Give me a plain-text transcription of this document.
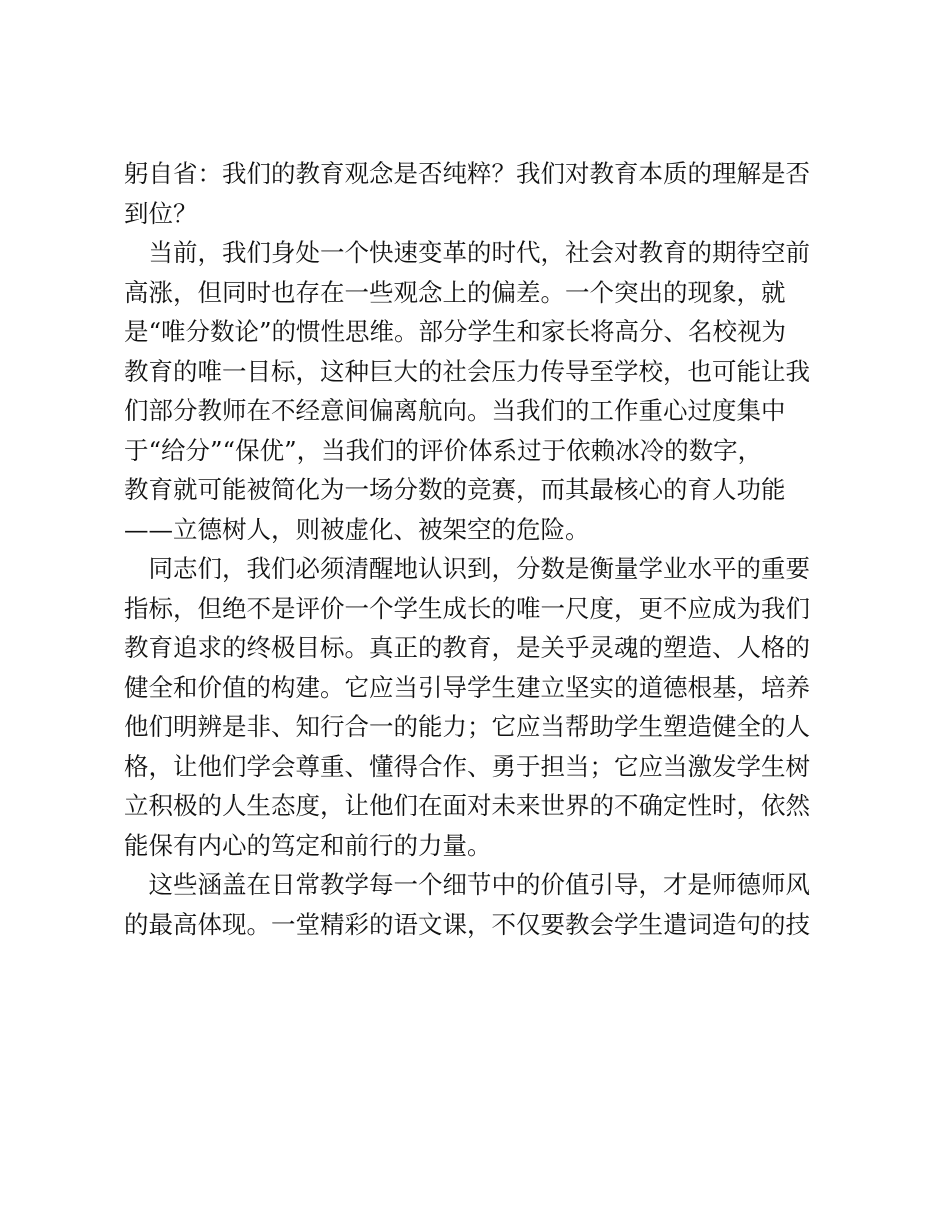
躬自省：我们的教育观念是否纯粹？我们对教育本质的理解是否
到位？
　当前，我们身处一个快速变革的时代，社会对教育的期待空前
高涨，但同时也存在一些观念上的偏差。一个突出的现象，就
是“唯分数论”的惯性思维。部分学生和家长将高分、名校视为
教育的唯一目标，这种巨大的社会压力传导至学校，也可能让我
们部分教师在不经意间偏离航向。当我们的工作重心过度集中
于“给分”“保优”，当我们的评价体系过于依赖冰冷的数字，
教育就可能被简化为一场分数的竞赛，而其最核心的育人功能
——立德树人，则被虚化、被架空的危险。
　同志们，我们必须清醒地认识到，分数是衡量学业水平的重要
指标，但绝不是评价一个学生成长的唯一尺度，更不应成为我们
教育追求的终极目标。真正的教育，是关乎灵魂的塑造、人格的
健全和价值的构建。它应当引导学生建立坚实的道德根基，培养
他们明辨是非、知行合一的能力；它应当帮助学生塑造健全的人
格，让他们学会尊重、懂得合作、勇于担当；它应当激发学生树
立积极的人生态度，让他们在面对未来世界的不确定性时，依然
能保有内心的笃定和前行的力量。
　这些涵盖在日常教学每一个细节中的价值引导，才是师德师风
的最高体现。一堂精彩的语文课，不仅要教会学生遣词造句的技
